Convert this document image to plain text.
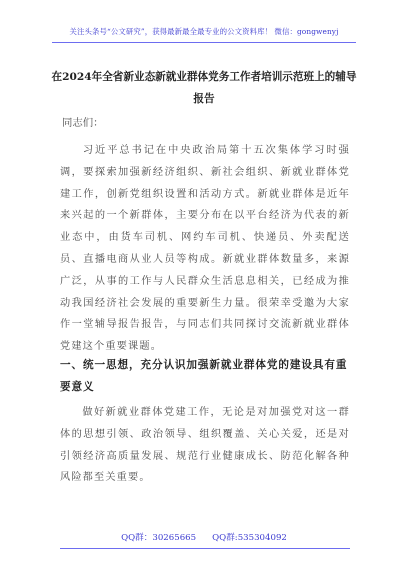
关注头条号“公文研究”，获得最新最全最专业的公文资料库！ 微信：gongwenyj
在2024年全省新业态新就业群体党务工作者培训示范班上的辅导报告
同志们：
习近平总书记在中央政治局第十五次集体学习时强调，要探索加强新经济组织、新社会组织、新就业群体党建工作，创新党组织设置和活动方式。新就业群体是近年来兴起的一个新群体，主要分布在以平台经济为代表的新业态中，由货车司机、网约车司机、快递员、外卖配送员、直播电商从业人员等构成。新就业群体数量多，来源广泛，从事的工作与人民群众生活息息相关，已经成为推动我国经济社会发展的重要新生力量。很荣幸受邀为大家作一堂辅导报告报告，与同志们共同探讨交流新就业群体党建这个重要课题。
一、统一思想，充分认识加强新就业群体党的建设具有重要意义
做好新就业群体党建工作，无论是对加强党对这一群体的思想引领、政治领导、组织覆盖、关心关爱，还是对引领经济高质量发展、规范行业健康成长、防范化解各种风险都至关重要。
QQ群：30265665 QQ群:535304092
